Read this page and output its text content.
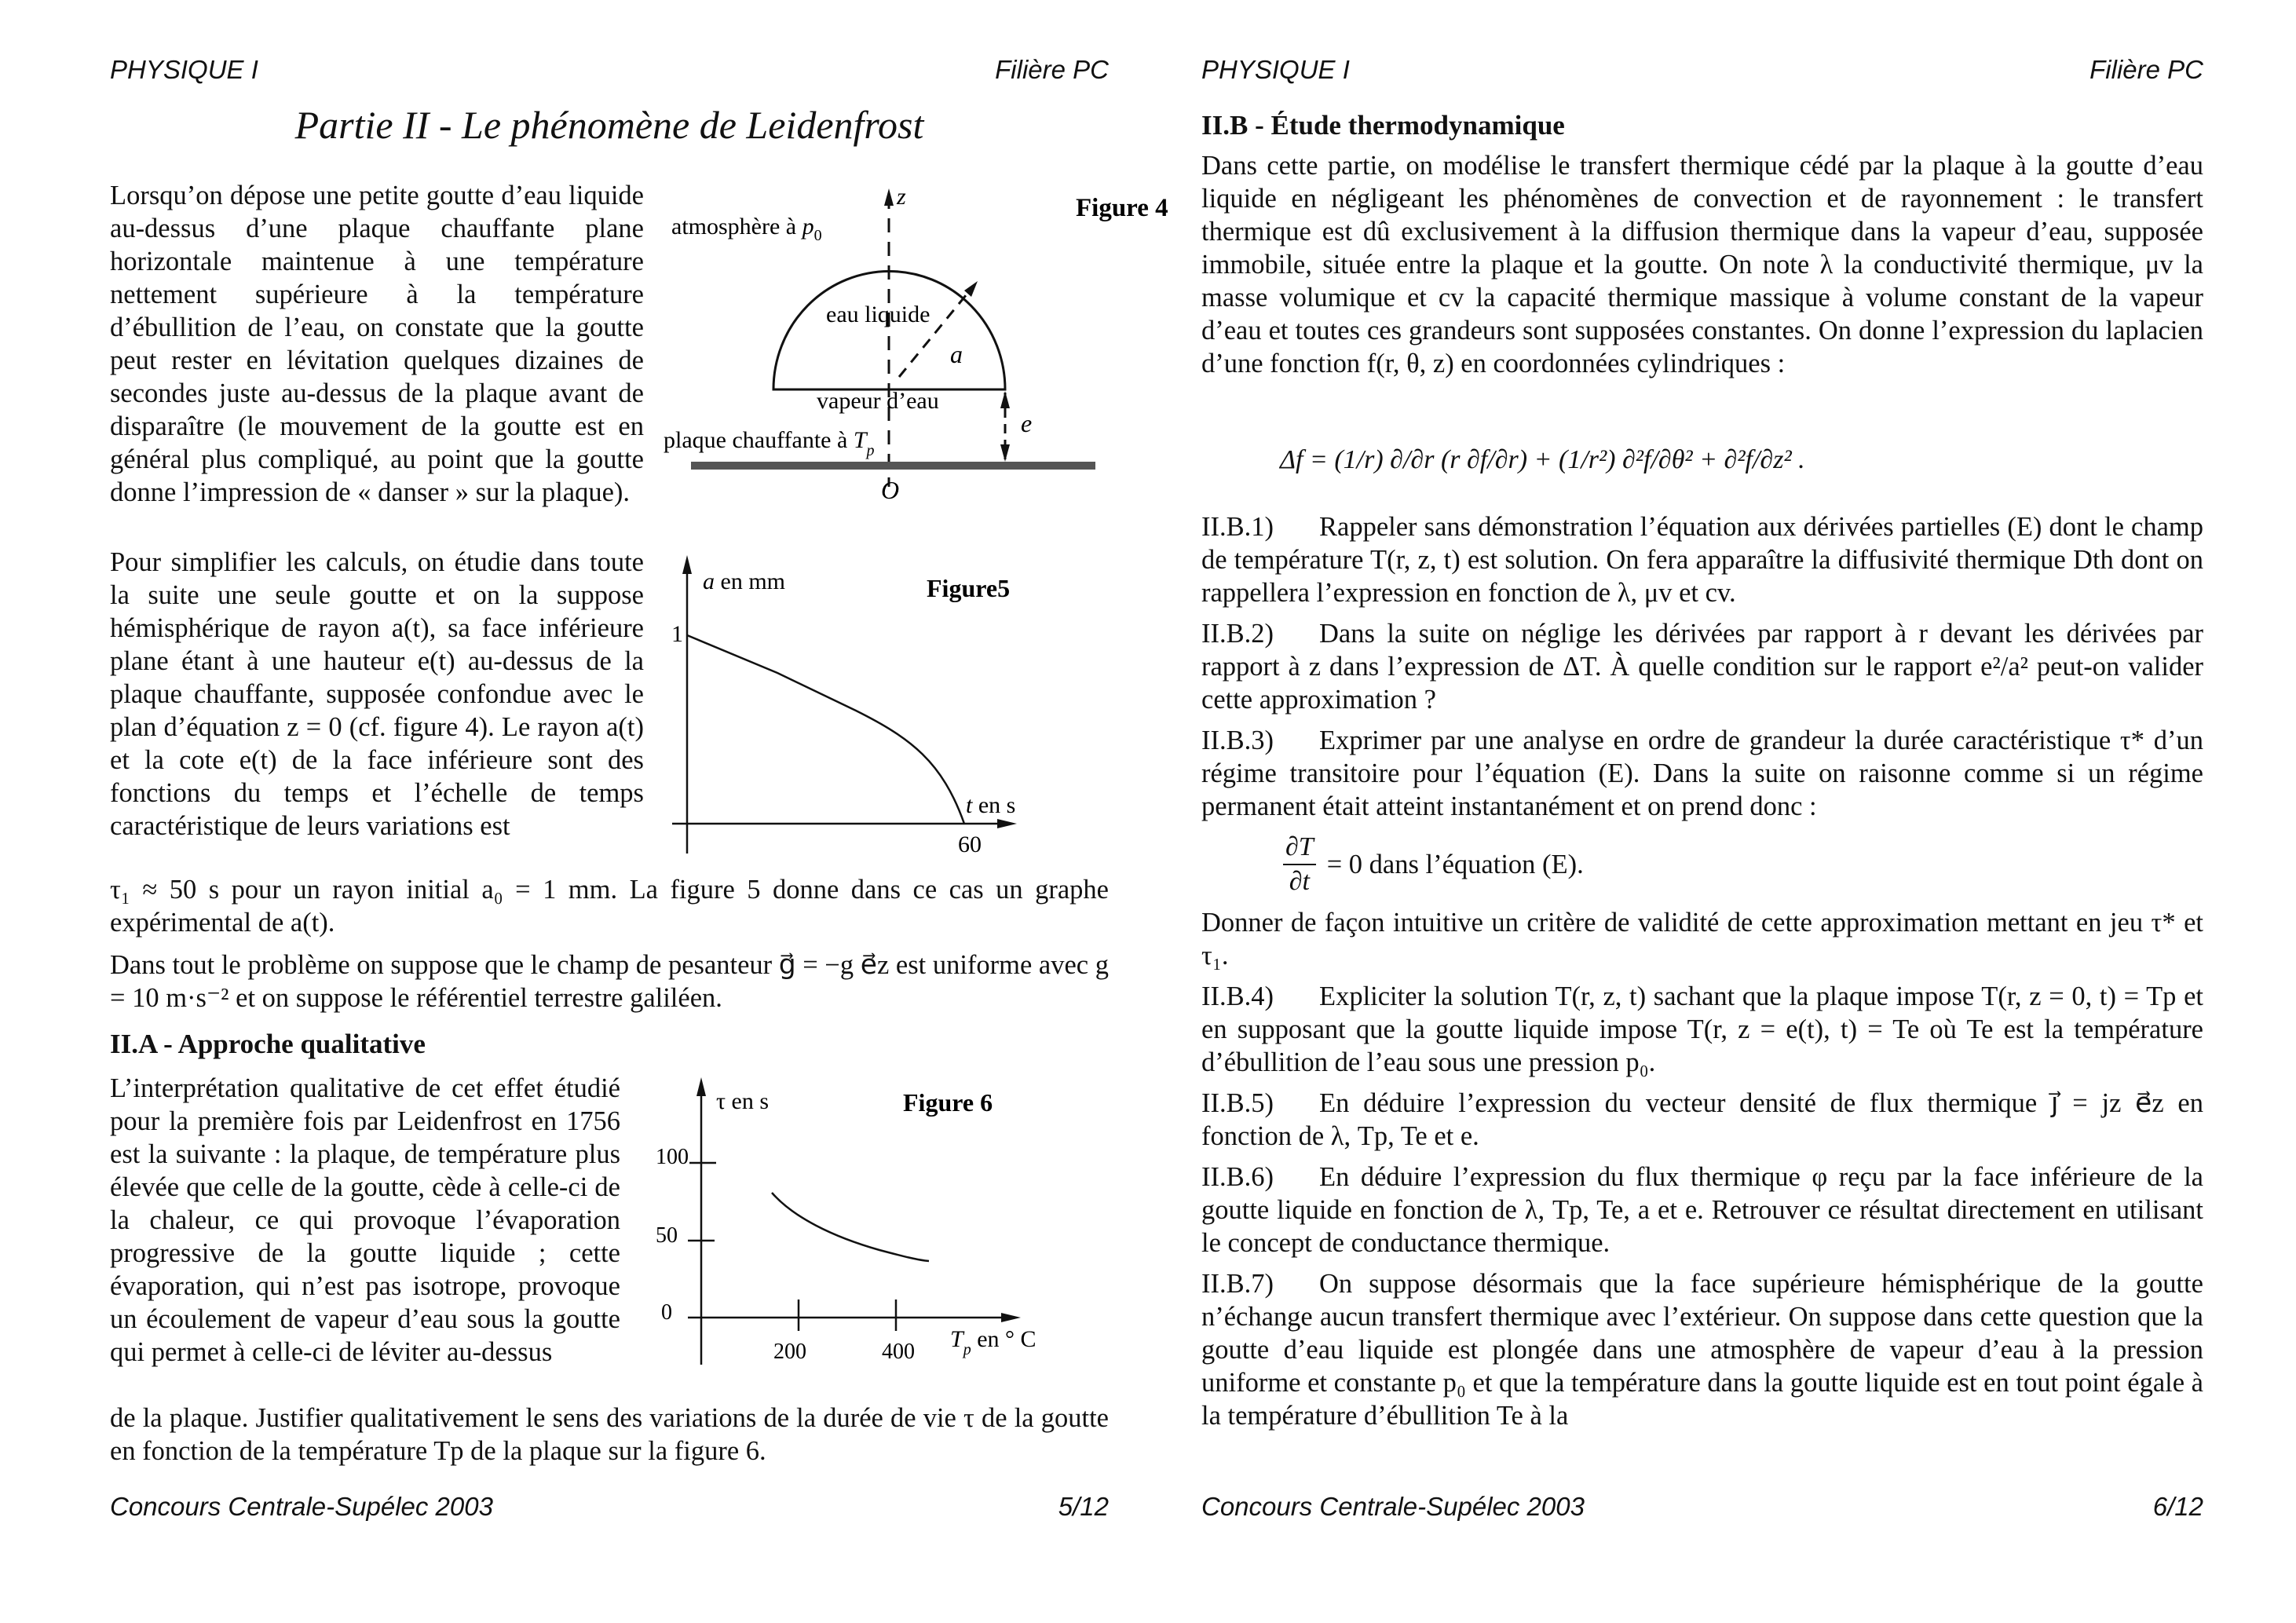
PHYSIQUE I	Filière PC
Partie II - Le phénomène de Leidenfrost
Lorsqu’on dépose une petite goutte d’eau liquide au-dessus d’une plaque chauffante plane horizontale maintenue à une température nettement supérieure à la température d’ébullition de l’eau, on constate que la goutte peut rester en lévitation quelques dizaines de secondes juste au-dessus de la plaque avant de disparaître (le mouvement de la goutte est en général plus compliqué, au point que la goutte donne l’impression de « danser » sur la plaque).
Figure 4
atmosphère à $p_0$
z
eau liquide
a
vapeur d’eau
e
plaque chauffante à $T_p$
O
Pour simplifier les calculs, on étudie dans toute la suite une seule goutte et on la suppose hémisphérique de rayon a(t), sa face inférieure plane étant à une hauteur e(t) au-dessus de la plaque chauffante, supposée confondue avec le plan d’équation z = 0 (cf. figure 4). Le rayon a(t) et la cote e(t) de la face inférieure sont des fonctions du temps et l’échelle de temps caractéristique de leurs variations est
a en mm	Figure5
1
t en s
60
τ₁ ≈ 50 s pour un rayon initial a₀ = 1 mm. La figure 5 donne dans ce cas un graphe expérimental de a(t).
Dans tout le problème on suppose que le champ de pesanteur g⃗ = −g e⃗z est uniforme avec g = 10 m·s⁻² et on suppose le référentiel terrestre galiléen.
II.A - Approche qualitative
L’interprétation qualitative de cet effet étudié pour la première fois par Leidenfrost en 1756 est la suivante : la plaque, de température plus élevée que celle de la goutte, cède à celle-ci de la chaleur, ce qui provoque l’évaporation progressive de la goutte liquide ; cette évaporation, qui n’est pas isotrope, provoque un écoulement de vapeur d’eau sous la goutte qui permet à celle-ci de léviter au-dessus
τ en s	Figure 6
100
50
0
200	400 $T_p$ en ° C
de la plaque. Justifier qualitativement le sens des variations de la durée de vie τ de la goutte en fonction de la température Tp de la plaque sur la figure 6.
Concours Centrale-Supélec 2003	5/12
PHYSIQUE I	Filière PC
II.B - Étude thermodynamique
Dans cette partie, on modélise le transfert thermique cédé par la plaque à la goutte d’eau liquide en négligeant les phénomènes de convection et de rayonnement : le transfert thermique est dû exclusivement à la diffusion thermique dans la vapeur d’eau, supposée immobile, située entre la plaque et la goutte. On note λ la conductivité thermique, μv la masse volumique et cv la capacité thermique massique à volume constant de la vapeur d’eau et toutes ces grandeurs sont supposées constantes. On donne l’expression du laplacien d’une fonction f(r, θ, z) en coordonnées cylindriques :
Δf = (1/r) ∂/∂r (r ∂f/∂r) + (1/r²) ∂²f/∂θ² + ∂²f/∂z² .

II.B.1) Rappeler sans démonstration l’équation aux dérivées partielles (E) dont le champ de température T(r, z, t) est solution. On fera apparaître la diffusivité thermique Dth dont on rappellera l’expression en fonction de λ, μv et cv.

II.B.2) Dans la suite on néglige les dérivées par rapport à r devant les dérivées par rapport à z dans l’expression de ΔT. À quelle condition sur le rapport e²/a² peut-on valider cette approximation ?

II.B.3) Exprimer par une analyse en ordre de grandeur la durée caractéristique τ* d’un régime transitoire pour l’équation (E). Dans la suite on raisonne comme si un régime permanent était atteint instantanément et on prend donc :

$\frac{\partial T}{\partial t} = 0$ dans l’équation (E).

Donner de façon intuitive un critère de validité de cette approximation mettant en jeu τ* et τ₁.

II.B.4) Expliciter la solution T(r, z, t) sachant que la plaque impose T(r, z = 0, t) = Tp et en supposant que la goutte liquide impose T(r, z = e(t), t) = Te où Te est la température d’ébullition de l’eau sous une pression p₀.

II.B.5) En déduire l’expression du vecteur densité de flux thermique j⃗ = jz e⃗z en fonction de λ, Tp, Te et e.

II.B.6) En déduire l’expression du flux thermique φ reçu par la face inférieure de la goutte liquide en fonction de λ, Tp, Te, a et e. Retrouver ce résultat directement en utilisant le concept de conductance thermique.

II.B.7) On suppose désormais que la face supérieure hémisphérique de la goutte n’échange aucun transfert thermique avec l’extérieur. On suppose dans cette question que la goutte d’eau liquide est plongée dans une atmosphère de vapeur d’eau à la pression uniforme et constante p₀ et que la température dans la goutte liquide est en tout point égale à la température d’ébullition Te à la

Concours Centrale-Supélec 2003	6/12
